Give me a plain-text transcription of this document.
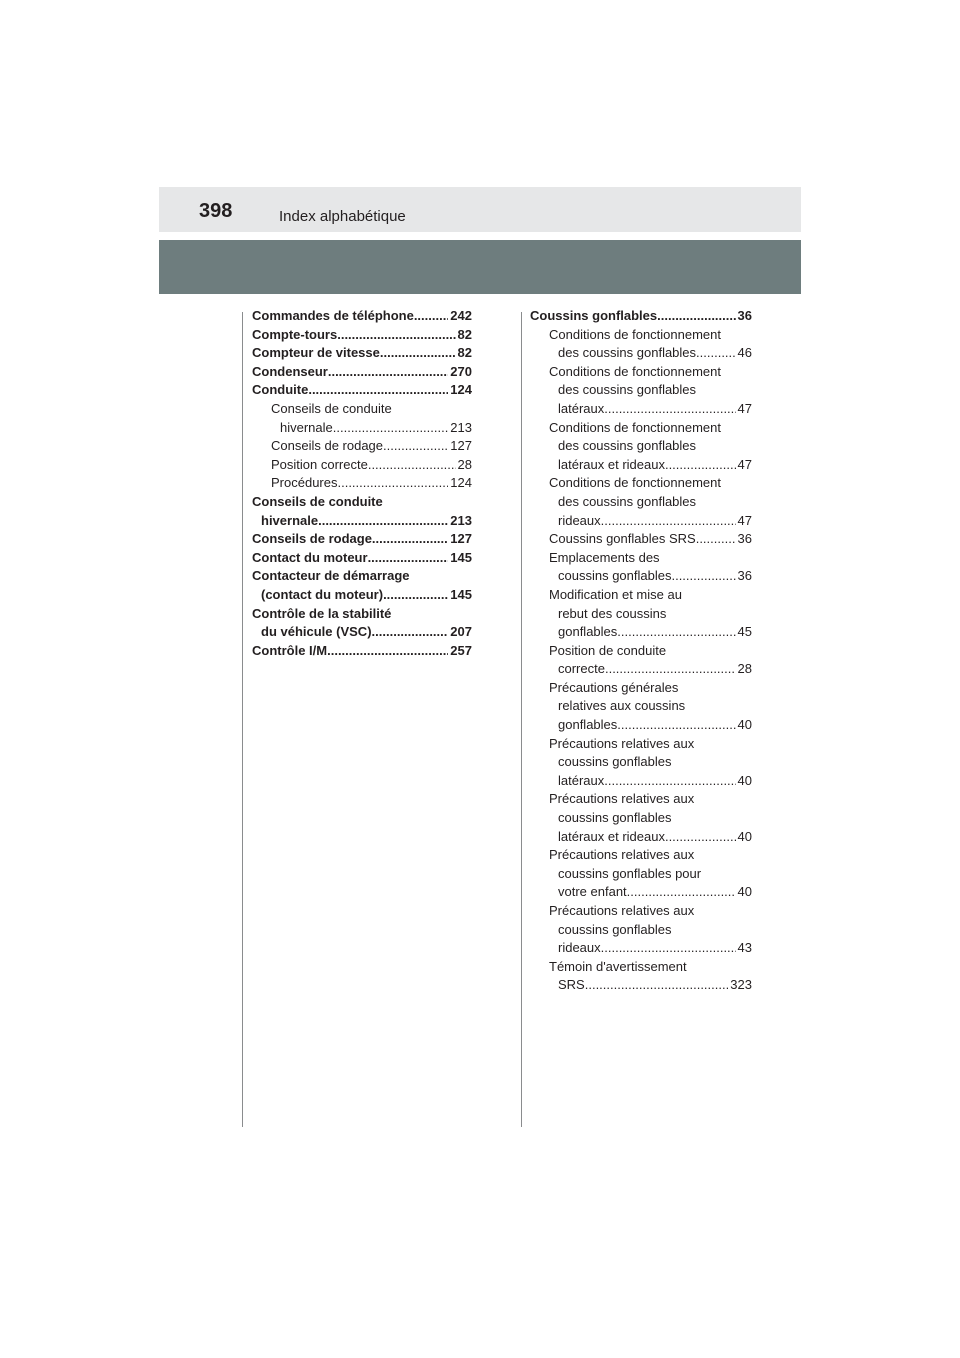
398	Index alphabétique
Commandes de téléphone .....	242
Compte-tours .....	82
Compteur de vitesse .....	82
Condenseur .....	270
Conduite .....	124
Conseils de conduite
hivernale .....	213
Conseils de rodage .....	127
Position correcte .....	28
Procédures .....	124
Conseils de conduite
hivernale .....	213
Conseils de rodage .....	127
Contact du moteur .....	145
Contacteur de démarrage
(contact du moteur) .....	145
Contrôle de la stabilité
du véhicule (VSC) .....	207
Contrôle I/M .....	257
Coussins gonflables .....	36
Conditions de fonctionnement
des coussins gonflables .....	46
Conditions de fonctionnement
des coussins gonflables
latéraux .....	47
Conditions de fonctionnement
des coussins gonflables
latéraux et rideaux .....	47
Conditions de fonctionnement
des coussins gonflables
rideaux .....	47
Coussins gonflables SRS .....	36
Emplacements des
coussins gonflables .....	36
Modification et mise au
rebut des coussins
gonflables .....	45
Position de conduite
correcte .....	28
Précautions générales
relatives aux coussins
gonflables .....	40
Précautions relatives aux
coussins gonflables
latéraux .....	40
Précautions relatives aux
coussins gonflables
latéraux et rideaux .....	40
Précautions relatives aux
coussins gonflables pour
votre enfant .....	40
Précautions relatives aux
coussins gonflables
rideaux .....	43
Témoin d'avertissement
SRS .....	323
